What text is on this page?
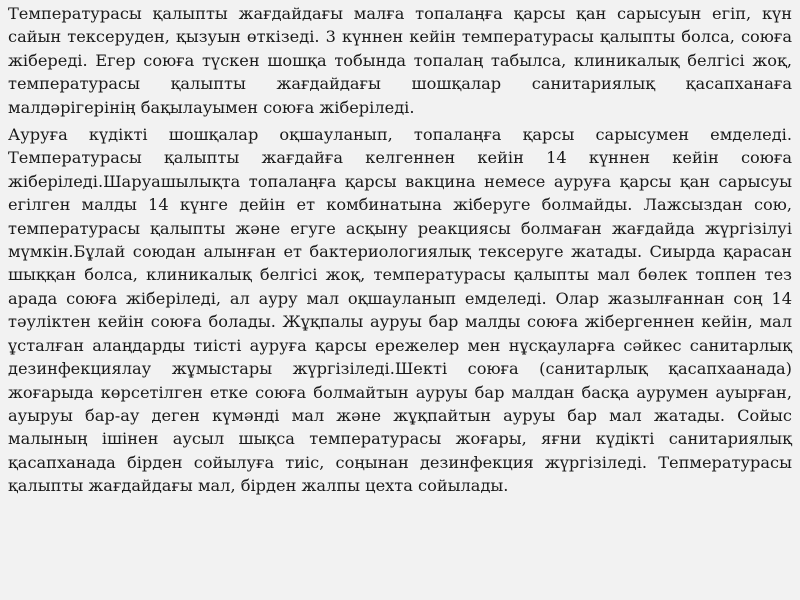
Температурасы қалыпты жағдайдағы малға топалаңға қарсы қан сарысуын егіп, күн сайын тексеруден, қызуын өткізеді. 3 күннен кейін температурасы қалыпты болса, союға жібереді. Егер союға түскен шошқа тобында топалаң табылса, клиникалық белгісі жоқ, температурасы қалыпты жағдайдағы шошқалар санитариялық қасапханаға малдәрігерінің бақылауымен союға жіберіледі.

Ауруға күдікті шошқалар оқшауланып, топалаңға қарсы сарысумен емделеді. Температурасы қалыпты жағдайға келгеннен кейін 14 күннен кейін союға жіберіледі.Шаруашылықта топалаңға қарсы вакцина немесе ауруға қарсы қан сарысуы егілген малды 14 күнге дейін ет комбинатына жіберуге болмайды. Лажсыздан сою, температурасы қалыпты және егуге асқыну реакциясы болмаған жағдайда жүргізілуі мүмкін.Бұлай союдан алынған ет бактериологиялық тексеруге жатады. Сиырда қарасан шыққан болса, клиникалық белгісі жоқ, температурасы қалыпты мал бөлек топпен тез арада союға жіберіледі, ал ауру мал оқшауланып емделеді. Олар жазылғаннан соң 14 тәуліктен кейін союға болады. Жұқпалы ауруы бар малды союға жібергеннен кейін, мал ұсталған алаңдарды тиісті ауруға қарсы ережелер мен нұсқауларға сәйкес санитарлық дезинфекциялау жұмыстары жүргізіледі.Шекті союға (санитарлық қасапхаанада) жоғарыда көрсетілген етке союға болмайтын ауруы бар малдан басқа аурумен ауырған, ауыруы бар-ау деген күмәнді мал және жұқпайтын ауруы бар мал жатады. Сойыс малының ішінен аусыл шықса температурасы жоғары, яғни күдікті санитариялық қасапханада бірден сойылуға тиіс, соңынан дезинфекция жүргізіледі. Тепмературасы қалыпты жағдайдағы мал, бірден жалпы цехта сойылады.
